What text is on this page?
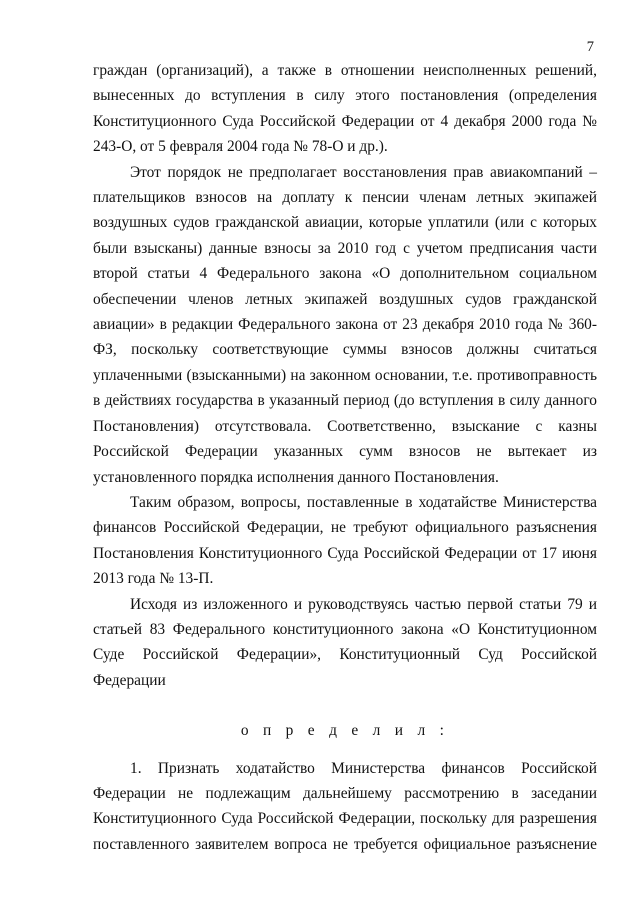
7

граждан (организаций), а также в отношении неисполненных решений, вынесенных до вступления в силу этого постановления (определения Конституционного Суда Российской Федерации от 4 декабря 2000 года № 243-О, от 5 февраля 2004 года № 78-О и др.).

Этот порядок не предполагает восстановления прав авиакомпаний – плательщиков взносов на доплату к пенсии членам летных экипажей воздушных судов гражданской авиации, которые уплатили (или с которых были взысканы) данные взносы за 2010 год с учетом предписания части второй статьи 4 Федерального закона «О дополнительном социальном обеспечении членов летных экипажей воздушных судов гражданской авиации» в редакции Федерального закона от 23 декабря 2010 года № 360-ФЗ, поскольку соответствующие суммы взносов должны считаться уплаченными (взысканными) на законном основании, т.е. противоправность в действиях государства в указанный период (до вступления в силу данного Постановления) отсутствовала. Соответственно, взыскание с казны Российской Федерации указанных сумм взносов не вытекает из установленного порядка исполнения данного Постановления.

Таким образом, вопросы, поставленные в ходатайстве Министерства финансов Российской Федерации, не требуют официального разъяснения Постановления Конституционного Суда Российской Федерации от 17 июня 2013 года № 13-П.

Исходя из изложенного и руководствуясь частью первой статьи 79 и статьей 83 Федерального конституционного закона «О Конституционном Суде Российской Федерации», Конституционный Суд Российской Федерации

о п р е д е л и л :

1. Признать ходатайство Министерства финансов Российской Федерации не подлежащим дальнейшему рассмотрению в заседании Конституционного Суда Российской Федерации, поскольку для разрешения поставленного заявителем вопроса не требуется официальное разъяснение
